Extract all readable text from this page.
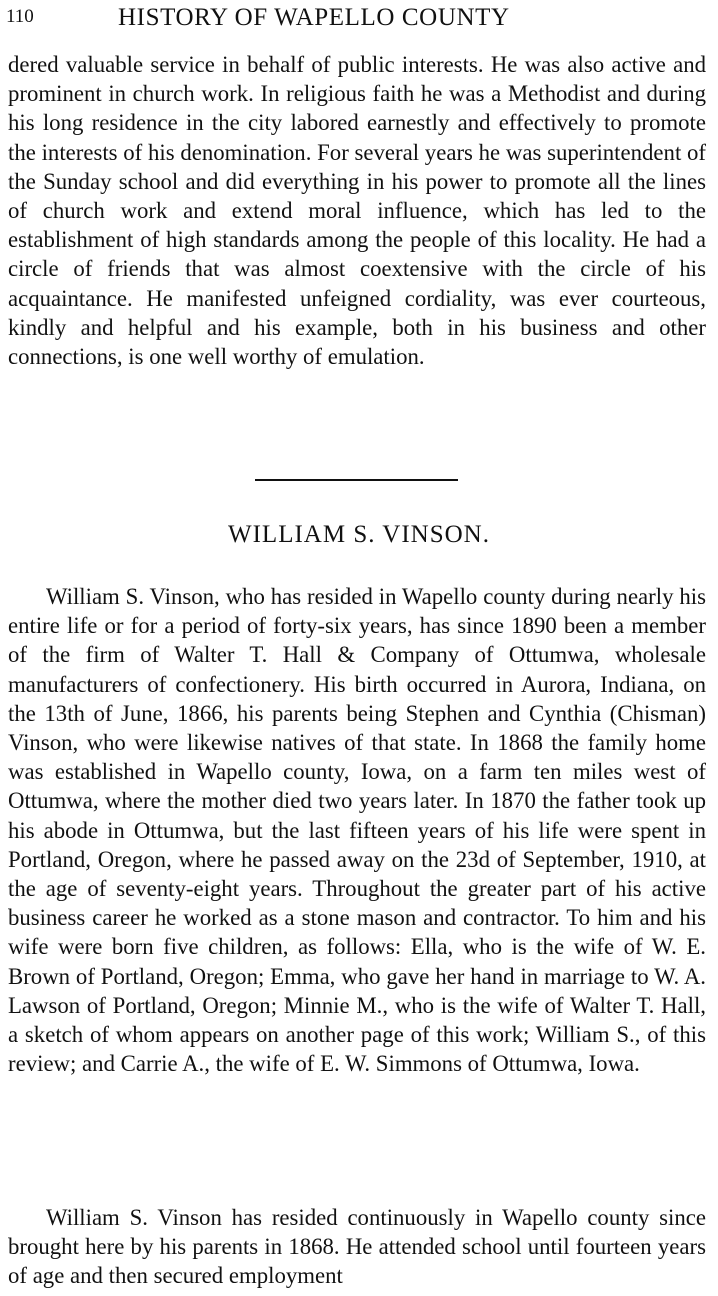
110	HISTORY OF WAPELLO COUNTY

dered valuable service in behalf of public interests. He was also active and prominent in church work. In religious faith he was a Methodist and during his long residence in the city labored earnestly and effectively to promote the interests of his denomination. For several years he was superintendent of the Sunday school and did everything in his power to promote all the lines of church work and extend moral influence, which has led to the establishment of high standards among the people of this locality. He had a circle of friends that was almost coextensive with the circle of his acquaintance. He manifested unfeigned cordiality, was ever courteous, kindly and helpful and his example, both in his business and other connections, is one well worthy of emulation.

WILLIAM S. VINSON.

William S. Vinson, who has resided in Wapello county during nearly his entire life or for a period of forty-six years, has since 1890 been a member of the firm of Walter T. Hall & Company of Ottumwa, wholesale manufacturers of confectionery. His birth occurred in Aurora, Indiana, on the 13th of June, 1866, his parents being Stephen and Cynthia (Chisman) Vinson, who were likewise natives of that state. In 1868 the family home was established in Wapello county, Iowa, on a farm ten miles west of Ottumwa, where the mother died two years later. In 1870 the father took up his abode in Ottumwa, but the last fifteen years of his life were spent in Portland, Oregon, where he passed away on the 23d of September, 1910, at the age of seventy-eight years. Throughout the greater part of his active business career he worked as a stone mason and contractor. To him and his wife were born five children, as follows: Ella, who is the wife of W. E. Brown of Portland, Oregon; Emma, who gave her hand in marriage to W. A. Lawson of Portland, Oregon; Minnie M., who is the wife of Walter T. Hall, a sketch of whom appears on another page of this work; William S., of this review; and Carrie A., the wife of E. W. Simmons of Ottumwa, Iowa.

William S. Vinson has resided continuously in Wapello county since brought here by his parents in 1868. He attended school until fourteen years of age and then secured employment
